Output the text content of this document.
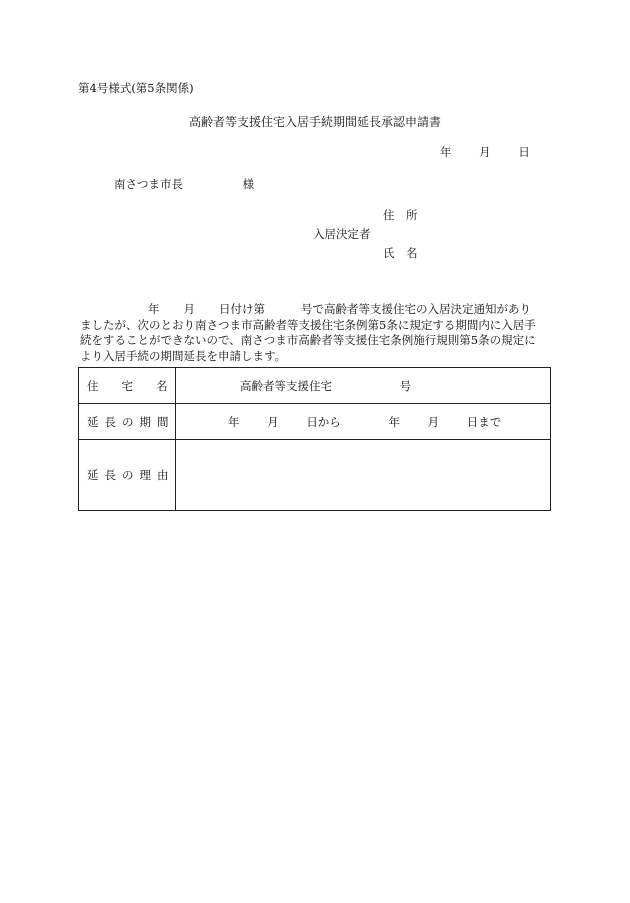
第4号様式(第5条関係)
高齢者等支援住宅入居手続期間延長承認申請書
年 月 日
南さつま市長	様
住　所
入居決定者
氏　名
年 月 日付け第	号で高齢者等支援住宅の入居決定通知があり
ましたが、次のとおり南さつま市高齢者等支援住宅条例第5条に規定する期間内に入居手
続をすることができないので、南さつま市高齢者等支援住宅条例施行規則第5条の規定に
より入居手続の期間延長を申請します。
住　　宅　　名	高齢者等支援住宅 号
延長の期間	年 月 日から 年 月 日まで
延長の理由	
